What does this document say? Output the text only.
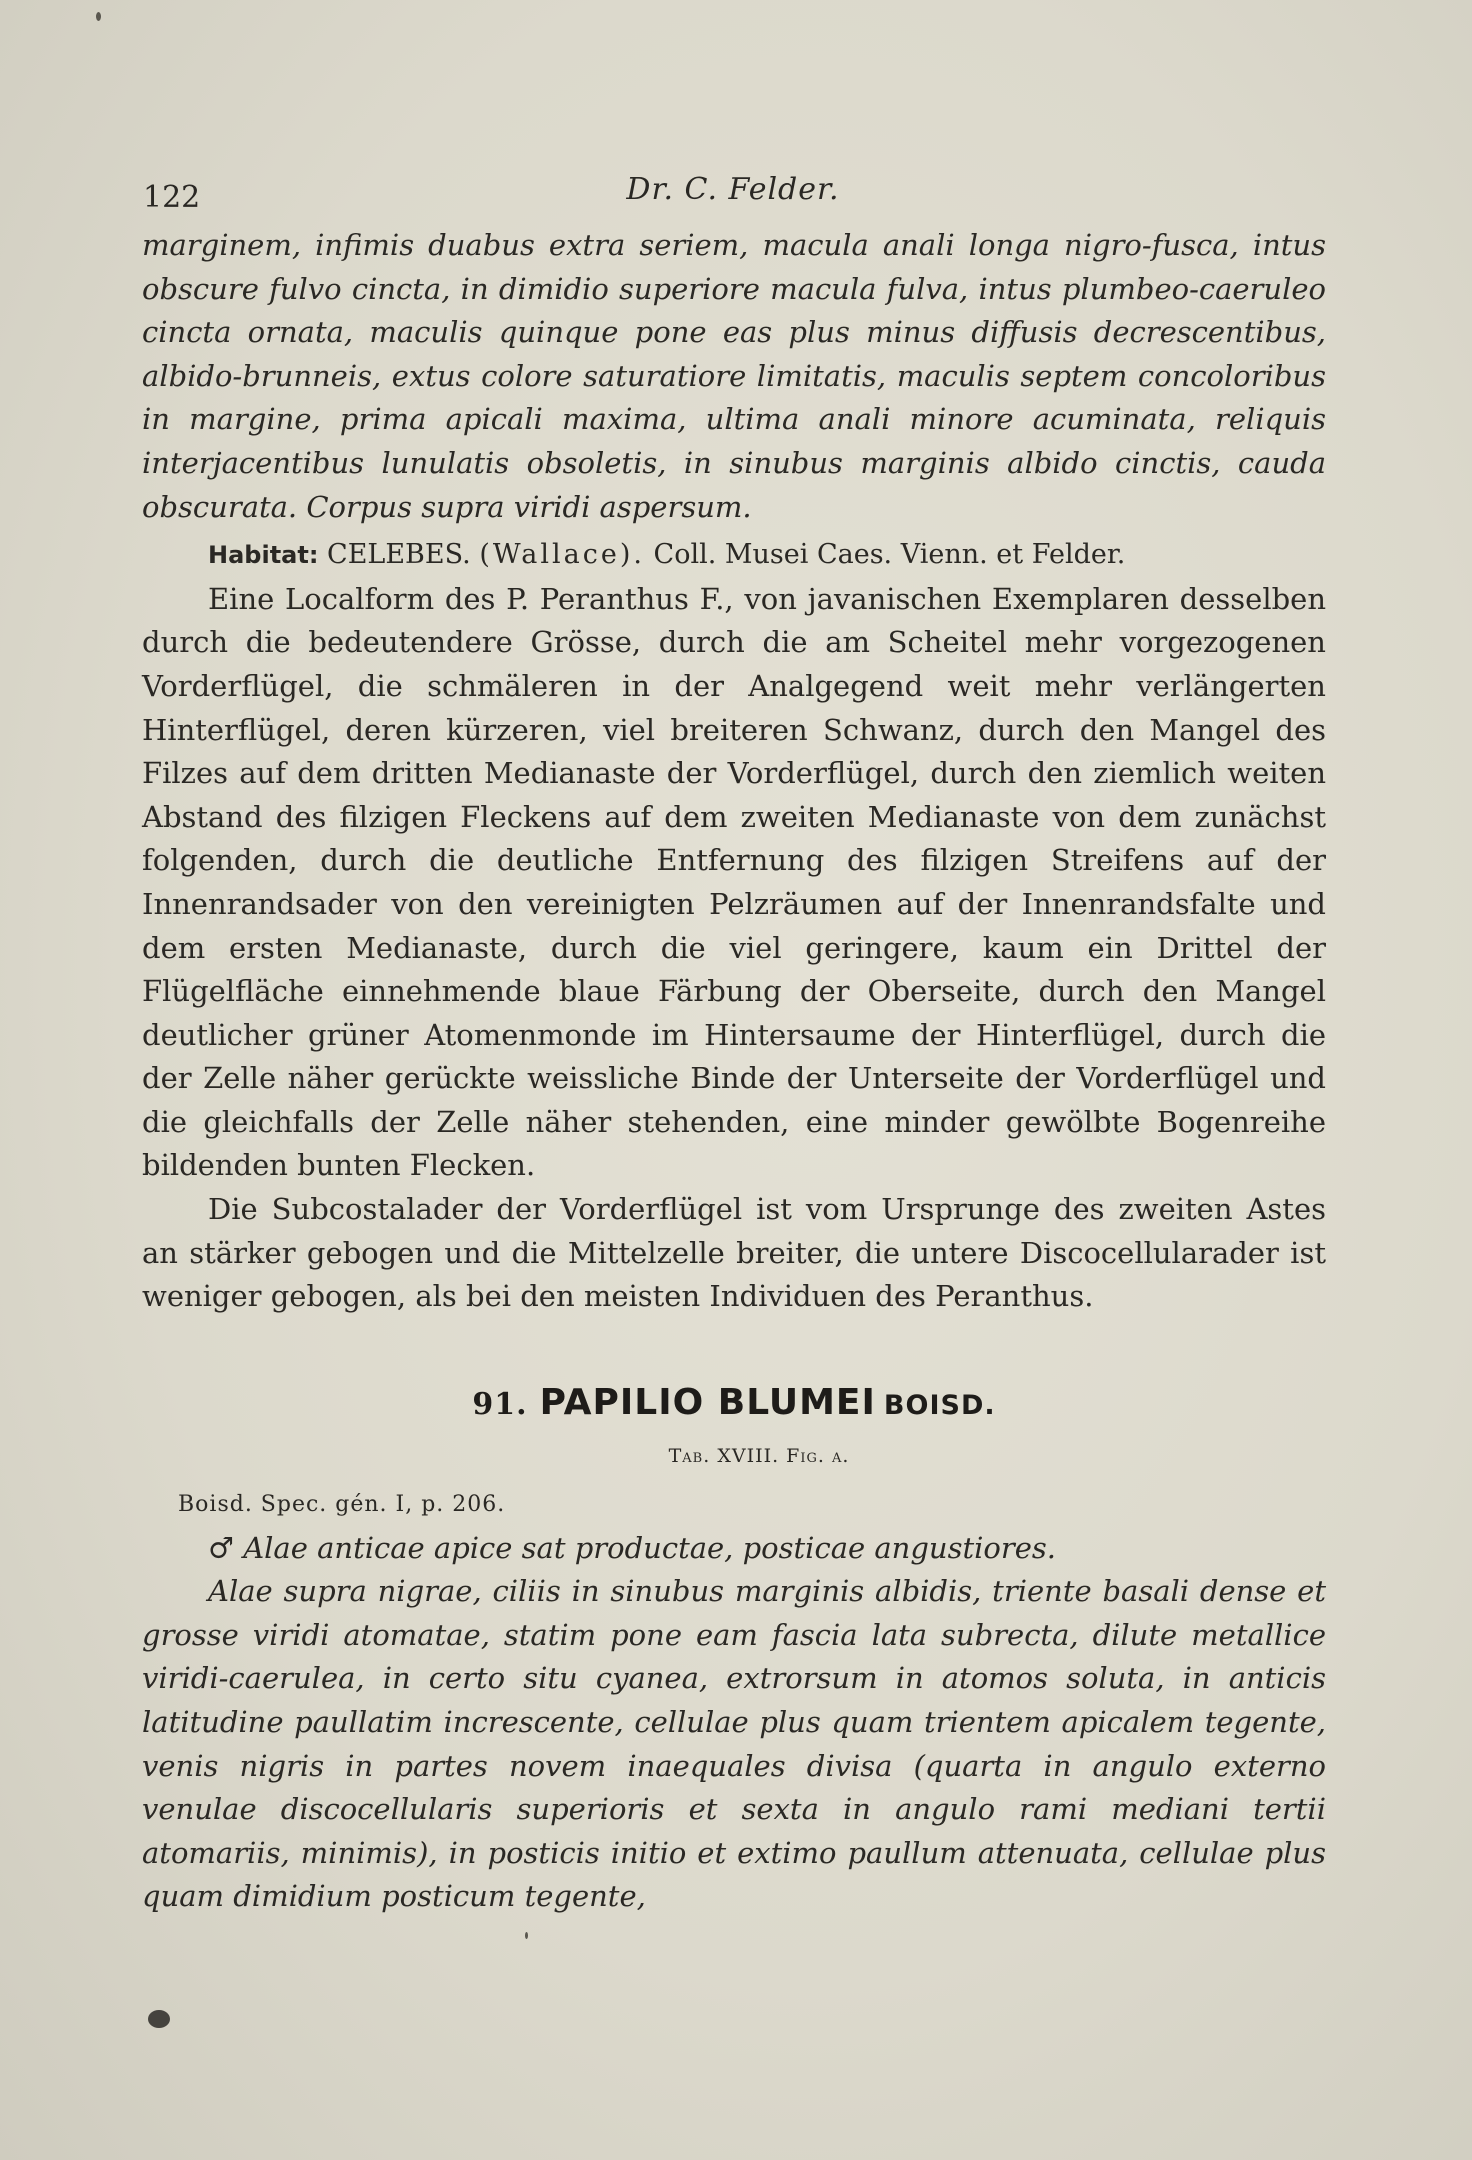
122	Dr. C. Felder.

marginem, infimis duabus extra seriem, macula anali longa nigro-fusca, intus obscure fulvo cincta, in dimidio superiore macula fulva, intus plumbeo-caeruleo cincta ornata, maculis quinque pone eas plus minus diffusis decrescentibus, albido-brunneis, extus colore saturatiore limitatis, maculis septem concoloribus in margine, prima apicali maxima, ultima anali minore acuminata, reliquis interjacentibus lunulatis obsoletis, in sinubus marginis albido cinctis, cauda obscurata. Corpus supra viridi aspersum.

Habitat: CELEBES. (Wallace). Coll. Musei Caes. Vienn. et Felder.

Eine Localform des P. Peranthus F., von javanischen Exemplaren desselben durch die bedeutendere Grösse, durch die am Scheitel mehr vorgezogenen Vorderflügel, die schmäleren in der Analgegend weit mehr verlängerten Hinterflügel, deren kürzeren, viel breiteren Schwanz, durch den Mangel des Filzes auf dem dritten Medianaste der Vorderflügel, durch den ziemlich weiten Abstand des filzigen Fleckens auf dem zweiten Medianaste von dem zunächst folgenden, durch die deutliche Entfernung des filzigen Streifens auf der Innenrandsader von den vereinigten Pelzräumen auf der Innenrandsfalte und dem ersten Medianaste, durch die viel geringere, kaum ein Drittel der Flügelfläche einnehmende blaue Färbung der Oberseite, durch den Mangel deutlicher grüner Atomenmonde im Hintersaume der Hinterflügel, durch die der Zelle näher gerückte weissliche Binde der Unterseite der Vorderflügel und die gleichfalls der Zelle näher stehenden, eine minder gewölbte Bogenreihe bildenden bunten Flecken.

Die Subcostalader der Vorderflügel ist vom Ursprunge des zweiten Astes an stärker gebogen und die Mittelzelle breiter, die untere Discocellularader ist weniger gebogen, als bei den meisten Individuen des Peranthus.

91. PAPILIO BLUMEI BOISD.
Tab. XVIII. Fig. a.
Boisd. Spec. gén. I, p. 206.

♂ Alae anticae apice sat productae, posticae angustiores.

Alae supra nigrae, ciliis in sinubus marginis albidis, triente basali dense et grosse viridi atomatae, statim pone eam fascia lata subrecta, dilute metallice viridi-caerulea, in certo situ cyanea, extrorsum in atomos soluta, in anticis latitudine paullatim increscente, cellulae plus quam trientem apicalem tegente, venis nigris in partes novem inaequales divisa (quarta in angulo externo venulae discocellularis superioris et sexta in angulo rami mediani tertii atomariis, minimis), in posticis initio et extimo paullum attenuata, cellulae plus quam dimidium posticum tegente,
